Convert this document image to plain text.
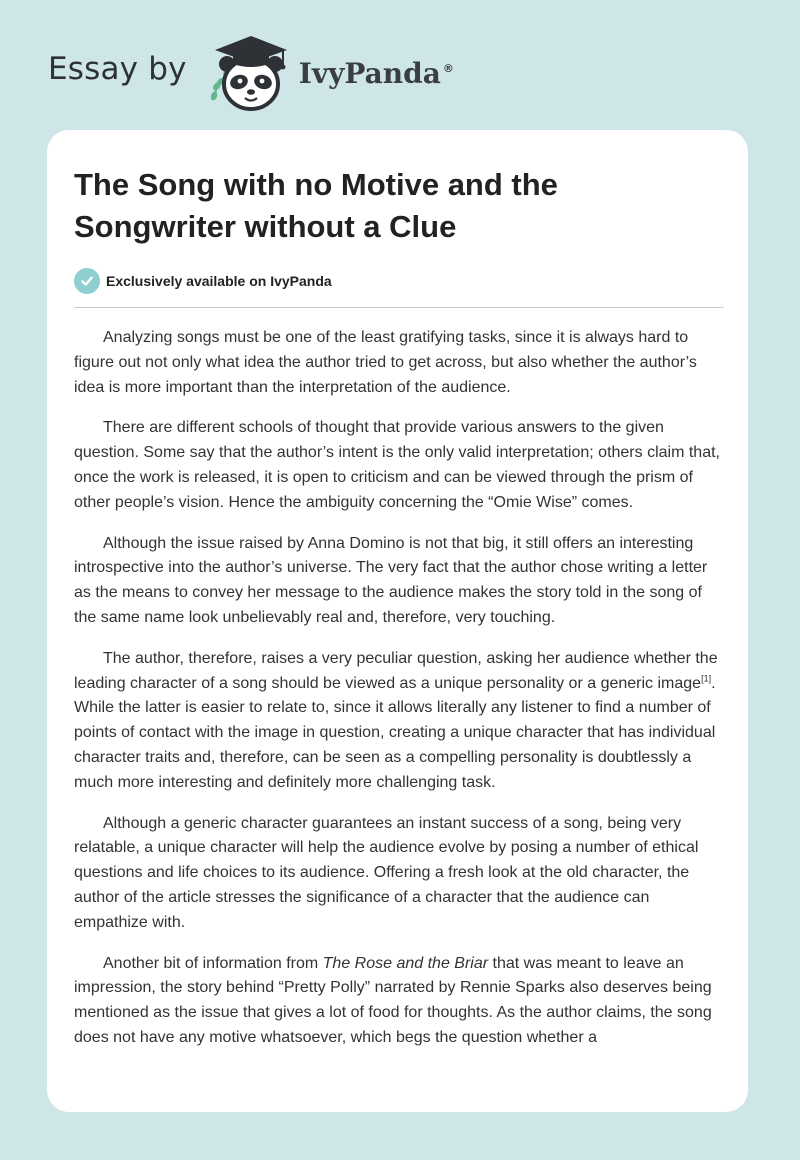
Essay by	IvyPanda ®
The Song with no Motive and the Songwriter without a Clue
Exclusively available on IvyPanda

Analyzing songs must be one of the least gratifying tasks, since it is always hard to figure out not only what idea the author tried to get across, but also whether the author’s idea is more important than the interpretation of the audience.

There are different schools of thought that provide various answers to the given question. Some say that the author’s intent is the only valid interpretation; others claim that, once the work is released, it is open to criticism and can be viewed through the prism of other people’s vision. Hence the ambiguity concerning the “Omie Wise” comes.

Although the issue raised by Anna Domino is not that big, it still offers an interesting introspective into the author’s universe. The very fact that the author chose writing a letter as the means to convey her message to the audience makes the story told in the song of the same name look unbelievably real and, therefore, very touching.

The author, therefore, raises a very peculiar question, asking her audience whether the leading character of a song should be viewed as a unique personality or a generic image[1]. While the latter is easier to relate to, since it allows literally any listener to find a number of points of contact with the image in question, creating a unique character that has individual character traits and, therefore, can be seen as a compelling personality is doubtlessly a much more interesting and definitely more challenging task.

Although a generic character guarantees an instant success of a song, being very relatable, a unique character will help the audience evolve by posing a number of ethical questions and life choices to its audience. Offering a fresh look at the old character, the author of the article stresses the significance of a character that the audience can empathize with.

Another bit of information from The Rose and the Briar that was meant to leave an impression, the story behind “Pretty Polly” narrated by Rennie Sparks also deserves being mentioned as the issue that gives a lot of food for thoughts. As the author claims, the song does not have any motive whatsoever, which begs the question whether a
